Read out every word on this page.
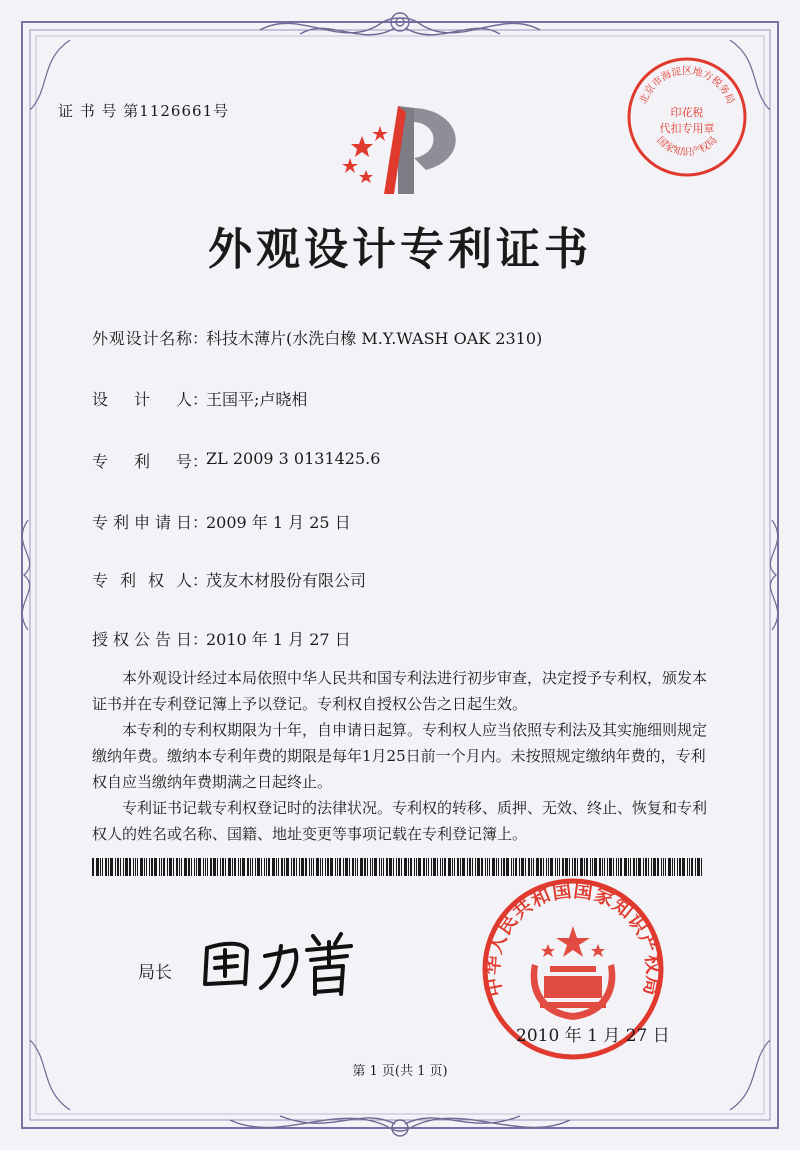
证 书 号 第1126661号
北京市海淀区地方税务局
印花税
代扣专用章
国家知识产权局
外观设计专利证书
外观设计名称 ：
科技木薄片(水洗白橡 M.Y.WASH OAK 2310)
设计人 ：
王国平;卢晓相
专利号 ：
ZL 2009 3 0131425.6
专利申请日 ：
2009 年 1 月 25 日
专利权人 ：
茂友木材股份有限公司
授权公告日 ：
2010 年 1 月 27 日

本外观设计经过本局依照中华人民共和国专利法进行初步审查，决定授予专利权，颁发本证书并在专利登记簿上予以登记。专利权自授权公告之日起生效。

本专利的专利权期限为十年，自申请日起算。专利权人应当依照专利法及其实施细则规定缴纳年费。缴纳本专利年费的期限是每年1月25日前一个月内。未按照规定缴纳年费的，专利权自应当缴纳年费期满之日起终止。

专利证书记载专利权登记时的法律状况。专利权的转移、质押、无效、终止、恢复和专利权人的姓名或名称、国籍、地址变更等事项记载在专利登记簿上。

局长
中华人民共和国国家知识产权局
2010 年 1 月 27 日
第 1 页(共 1 页)
